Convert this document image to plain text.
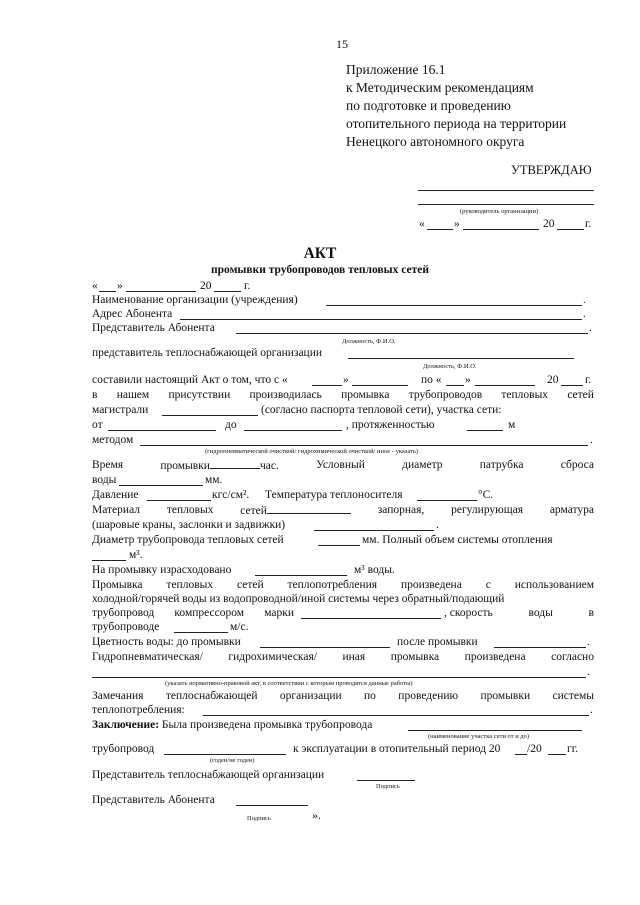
15
Приложение 16.1
к Методическим рекомендациям
по подготовке и проведению
отопительного периода на территории
Ненецкого автономного округа
УТВЕРЖДАЮ
(руководитель организации)
«	»	20	г.
АКТ
промывки трубопроводов тепловых сетей
« »	20	г.
Наименование организации (учреждения)	.
Адрес Абонента	.
Представитель Абонента	.
Должность, Ф.И.О.
представитель теплоснабжающей организации
Должность, Ф.И.О.
составили настоящий Акт о том, что с «	»	по « »	20 г.
в нашем присутствии производилась промывка трубопроводов тепловых сетей
магистрали	(согласно паспорта тепловой сети), участка сети:
от	до	, протяженностью	м
методом	.
(гидропневматической очисткой/ гидрохимической очисткой/ иное - указать)
Время	промывки	час.	Условный	диаметр	патрубка	сброса
воды	мм.
Давление	кгс/см². Температура теплоносителя	°С.
Материал тепловых сетей	запорная, регулирующая арматура
(шаровые краны, заслонки и задвижки)	.
Диаметр трубопровода тепловых сетей	мм. Полный объем системы отопления
м³.
На промывку израсходовано	м³ воды.
Промывка тепловых сетей теплопотребления произведена с использованием
холодной/горячей воды из водопроводной/иной системы через обратный/подающий
трубопровод компрессором марки	, скорость	воды	в
трубопроводе	м/с.
Цветность воды: до промывки	после промывки	.
Гидропневматическая/ гидрохимическая/ иная промывка произведена согласно
.
(указать нормативно-правовой акт, в соответствии с которым проводятся данные работы)
Замечания теплоснабжающей организации по проведению промывки системы
теплопотребления:	.
Заключение: Была произведена промывка трубопровода
(наименование участка сети от и до)
трубопровод	к эксплуатации в отопительный период 20 /20 гг.
(годен/не годен)
Представитель теплоснабжающей организации
Подпись
Представитель Абонента
Подпись	».
